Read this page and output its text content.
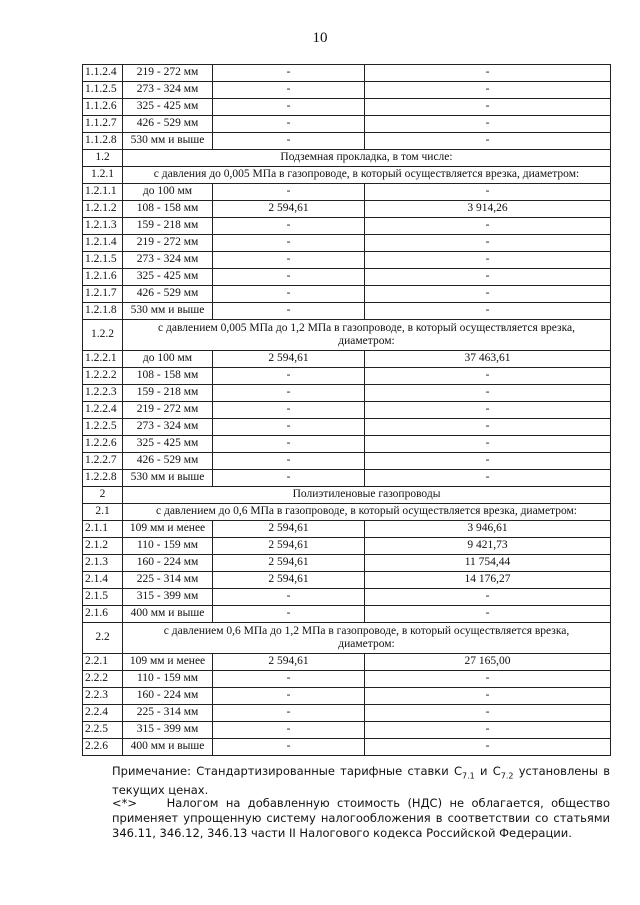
10
1.1.2.4	219 - 272 мм	-	-
1.1.2.5	273 - 324 мм	-	-
1.1.2.6	325 - 425 мм	-	-
1.1.2.7	426 - 529 мм	-	-
1.1.2.8	530 мм и выше	-	-
1.2	Подземная прокладка, в том числе:		
1.2.1	с давления до 0,005 МПа в газопроводе, в который осуществляется врезка, диаметром:		
1.2.1.1	до 100 мм	-	-
1.2.1.2	108 - 158 мм	2 594,61	3 914,26
1.2.1.3	159 - 218 мм	-	-
1.2.1.4	219 - 272 мм	-	-
1.2.1.5	273 - 324 мм	-	-
1.2.1.6	325 - 425 мм	-	-
1.2.1.7	426 - 529 мм	-	-
1.2.1.8	530 мм и выше	-	-
1.2.2	с давлением 0,005 МПа до 1,2 МПа в газопроводе, в который осуществляется врезка,
диаметром:		
1.2.2.1	до 100 мм	2 594,61	37 463,61
1.2.2.2	108 - 158 мм	-	-
1.2.2.3	159 - 218 мм	-	-
1.2.2.4	219 - 272 мм	-	-
1.2.2.5	273 - 324 мм	-	-
1.2.2.6	325 - 425 мм	-	-
1.2.2.7	426 - 529 мм	-	-
1.2.2.8	530 мм и выше	-	-
2	Полиэтиленовые газопроводы		
2.1	с давлением до 0,6 МПа в газопроводе, в который осуществляется врезка, диаметром:		
2.1.1	109 мм и менее	2 594,61	3 946,61
2.1.2	110 - 159 мм	2 594,61	9 421,73
2.1.3	160 - 224 мм	2 594,61	11 754,44
2.1.4	225 - 314 мм	2 594,61	14 176,27
2.1.5	315 - 399 мм	-	-
2.1.6	400 мм и выше	-	-
2.2	с давлением 0,6 МПа до 1,2 МПа в газопроводе, в который осуществляется врезка,
диаметром:		
2.2.1	109 мм и менее	2 594,61	27 165,00
2.2.2	110 - 159 мм	-	-
2.2.3	160 - 224 мм	-	-
2.2.4	225 - 314 мм	-	-
2.2.5	315 - 399 мм	-	-
2.2.6	400 мм и выше	-	-
Примечание: Стандартизированные тарифные ставки $С_{7.1}$ и $С_{7.2}$ установлены в текущих ценах.
<*>	Налогом на добавленную стоимость (НДС) не облагается, общество применяет упрощенную систему налогообложения в соответствии со статьями 346.11, 346.12, 346.13 части II Налогового кодекса Российской Федерации.
